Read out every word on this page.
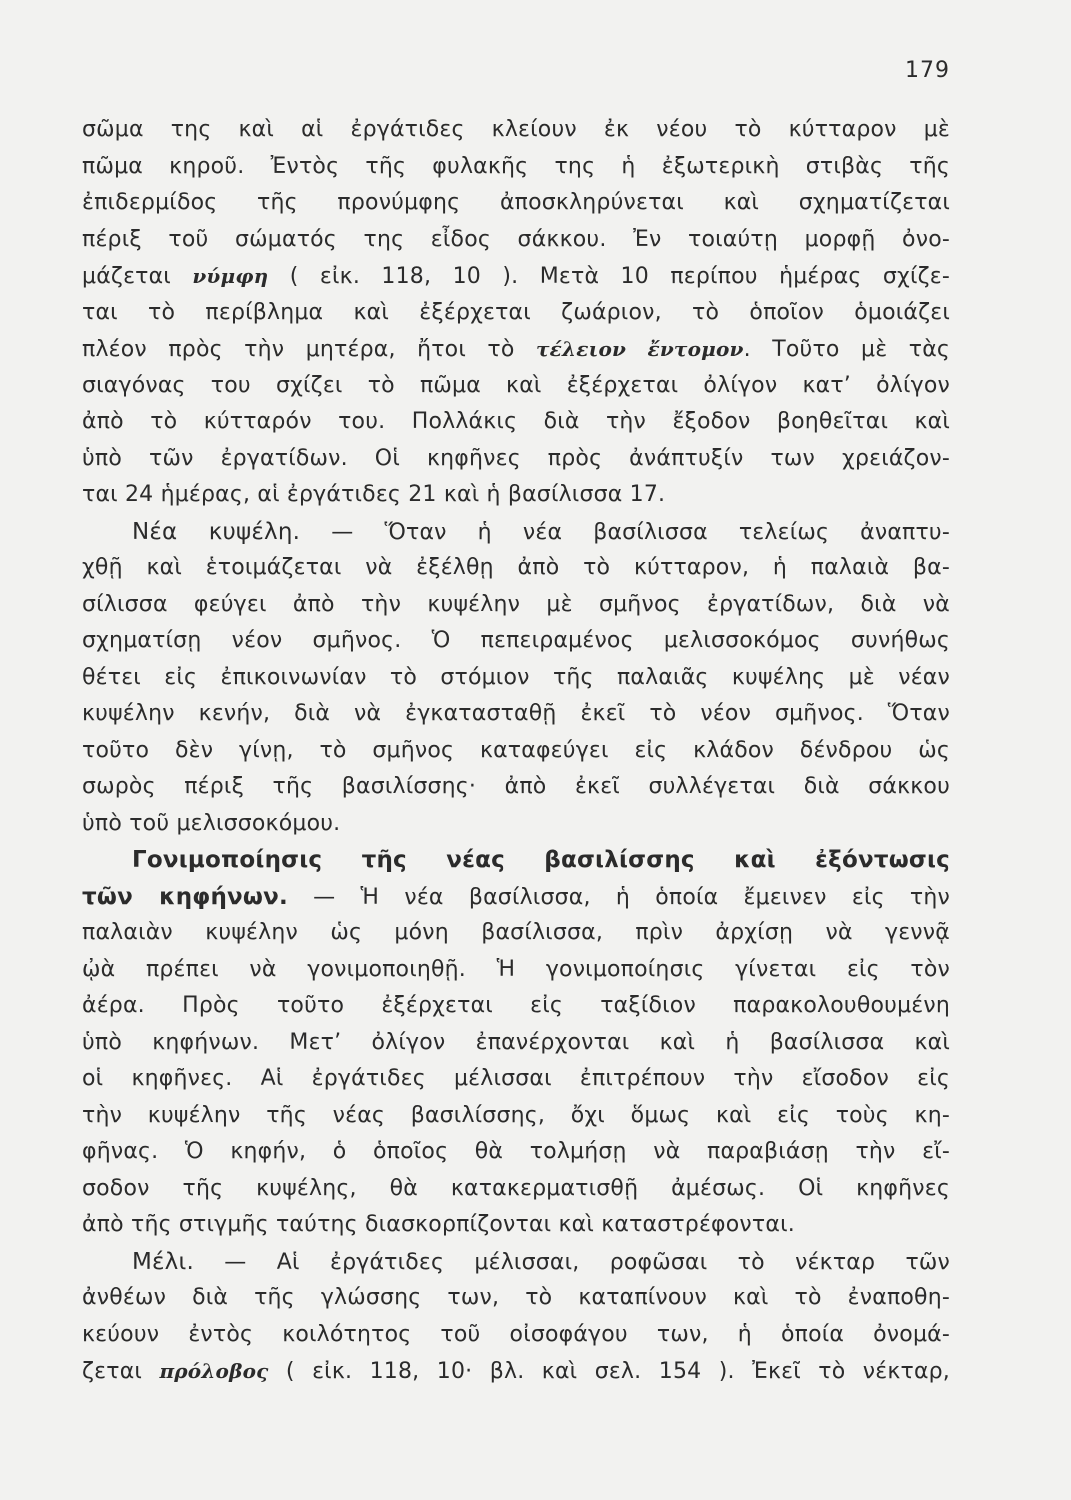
179
σῶμα της καὶ αἱ ἐργάτιδες κλείουν ἐκ νέου τὸ κύτταρον μὲ
πῶμα κηροῦ. Ἐντὸς τῆς φυλακῆς της ἡ ἐξωτερικὴ στιβὰς τῆς
ἐπιδερμίδος τῆς προνύμφης ἀποσκληρύνεται καὶ σχηματίζεται
πέριξ τοῦ σώματός της εἶδος σάκκου. Ἐν τοιαύτῃ μορφῇ ὀνο-
μάζεται νύμφη ( εἰκ. 118, 10 ). Μετὰ 10 περίπου ἡμέρας σχίζε-
ται τὸ περίβλημα καὶ ἐξέρχεται ζωάριον, τὸ ὁποῖον ὁμοιάζει
πλέον πρὸς τὴν μητέρα, ἤτοι τὸ τέλειον ἔντομον. Τοῦτο μὲ τὰς
σιαγόνας του σχίζει τὸ πῶμα καὶ ἐξέρχεται ὀλίγον κατ’ ὀλίγον
ἀπὸ τὸ κύτταρόν του. Πολλάκις διὰ τὴν ἔξοδον βοηθεῖται καὶ
ὑπὸ τῶν ἐργατίδων. Οἱ κηφῆνες πρὸς ἀνάπτυξίν των χρειάζον-
ται 24 ἡμέρας, αἱ ἐργάτιδες 21 καὶ ἡ βασίλισσα 17.
Νέα κυψέλη. — Ὅταν ἡ νέα βασίλισσα τελείως ἀναπτυ-
χθῇ καὶ ἑτοιμάζεται νὰ ἐξέλθῃ ἀπὸ τὸ κύτταρον, ἡ παλαιὰ βα-
σίλισσα φεύγει ἀπὸ τὴν κυψέλην μὲ σμῆνος ἐργατίδων, διὰ νὰ
σχηματίσῃ νέον σμῆνος. Ὁ πεπειραμένος μελισσοκόμος συνήθως
θέτει εἰς ἐπικοινωνίαν τὸ στόμιον τῆς παλαιᾶς κυψέλης μὲ νέαν
κυψέλην κενήν, διὰ νὰ ἐγκατασταθῇ ἐκεῖ τὸ νέον σμῆνος. Ὅταν
τοῦτο δὲν γίνῃ, τὸ σμῆνος καταφεύγει εἰς κλάδον δένδρου ὡς
σωρὸς πέριξ τῆς βασιλίσσης· ἀπὸ ἐκεῖ συλλέγεται διὰ σάκκου
ὑπὸ τοῦ μελισσοκόμου.
Γονιμοποίησις τῆς νέας βασιλίσσης καὶ ἐξόντωσις
τῶν κηφήνων. — Ἡ νέα βασίλισσα, ἡ ὁποία ἔμεινεν εἰς τὴν
παλαιὰν κυψέλην ὡς μόνη βασίλισσα, πρὶν ἀρχίσῃ νὰ γεννᾷ
ᾠὰ πρέπει νὰ γονιμοποιηθῇ. Ἡ γονιμοποίησις γίνεται εἰς τὸν
ἀέρα. Πρὸς τοῦτο ἐξέρχεται εἰς ταξίδιον παρακολουθουμένη
ὑπὸ κηφήνων. Μετ’ ὀλίγον ἐπανέρχονται καὶ ἡ βασίλισσα καὶ
οἱ κηφῆνες. Αἱ ἐργάτιδες μέλισσαι ἐπιτρέπουν τὴν εἴσοδον εἰς
τὴν κυψέλην τῆς νέας βασιλίσσης, ὄχι ὅμως καὶ εἰς τοὺς κη-
φῆνας. Ὁ κηφήν, ὁ ὁποῖος θὰ τολμήσῃ νὰ παραβιάσῃ τὴν εἴ-
σοδον τῆς κυψέλης, θὰ κατακερματισθῇ ἀμέσως. Οἱ κηφῆνες
ἀπὸ τῆς στιγμῆς ταύτης διασκορπίζονται καὶ καταστρέφονται.
Μέλι. — Αἱ ἐργάτιδες μέλισσαι, ροφῶσαι τὸ νέκταρ τῶν
ἀνθέων διὰ τῆς γλώσσης των, τὸ καταπίνουν καὶ τὸ ἐναποθη-
κεύουν ἐντὸς κοιλότητος τοῦ οἰσοφάγου των, ἡ ὁποία ὀνομά-
ζεται πρόλοβος ( εἰκ. 118, 10· βλ. καὶ σελ. 154 ). Ἐκεῖ τὸ νέκταρ,
